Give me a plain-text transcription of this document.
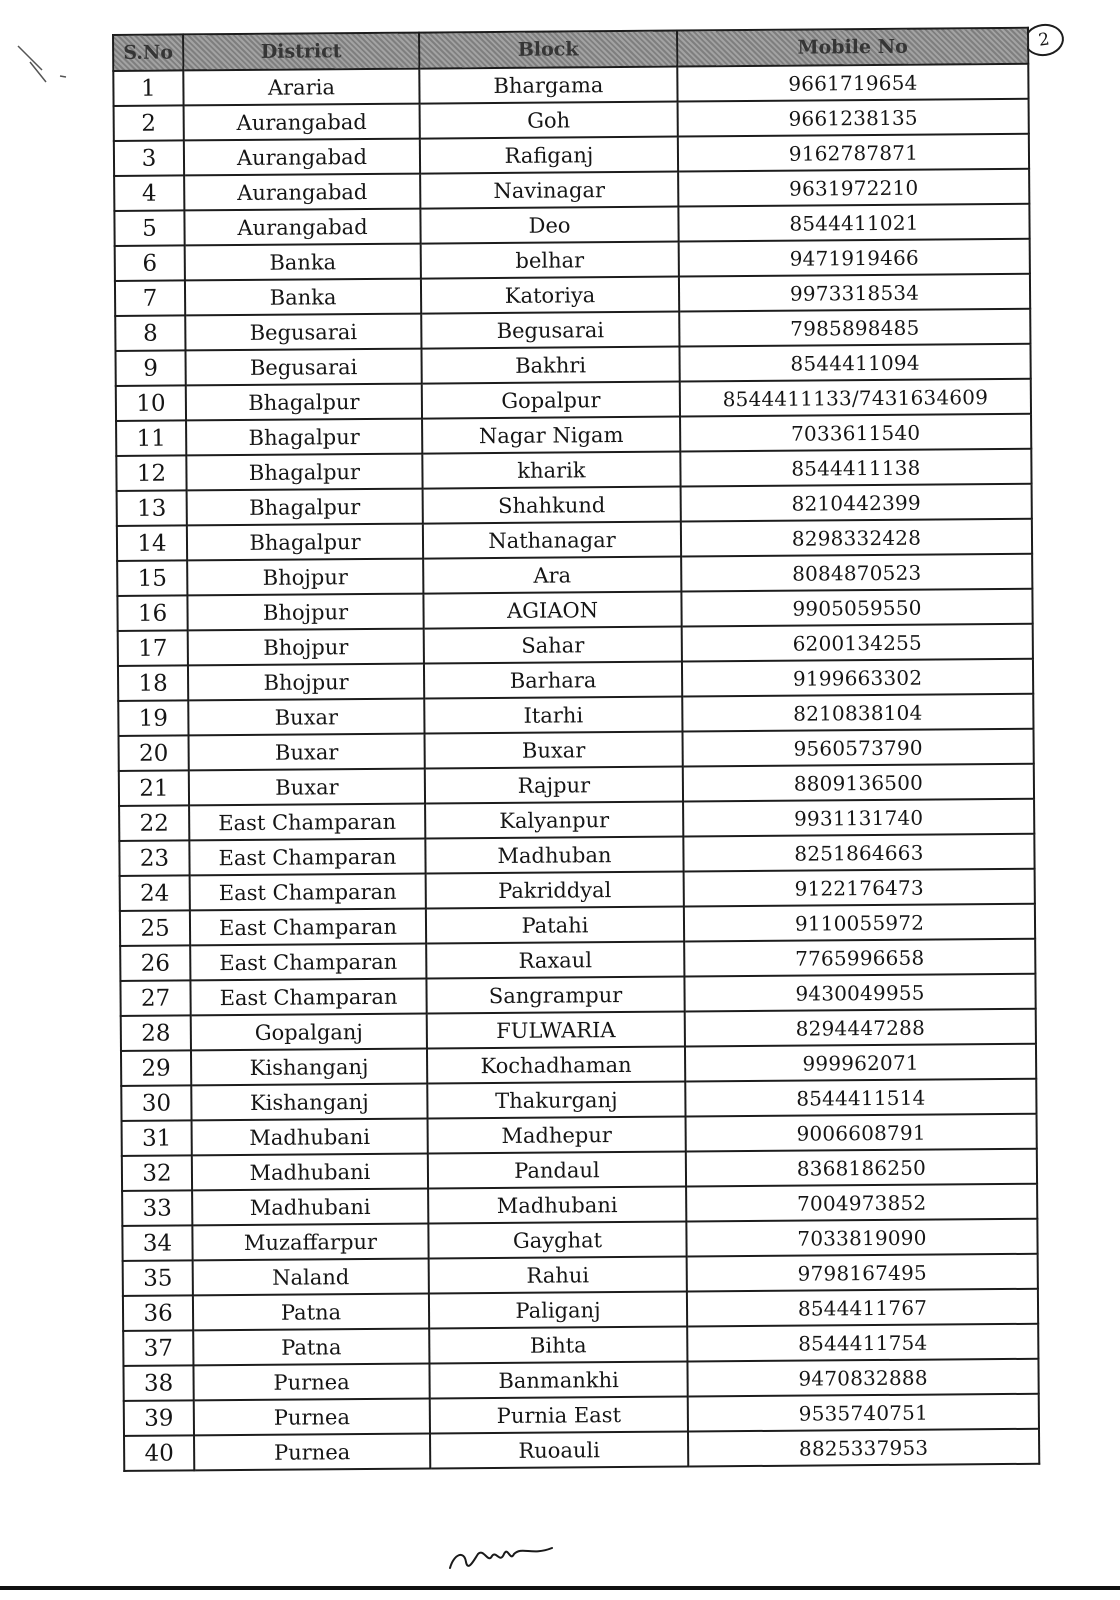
2
S.No	District	Block	Mobile No
1	Araria	Bhargama	9661719654
2	Aurangabad	Goh	9661238135
3	Aurangabad	Rafiganj	9162787871
4	Aurangabad	Navinagar	9631972210
5	Aurangabad	Deo	8544411021
6	Banka	belhar	9471919466
7	Banka	Katoriya	9973318534
8	Begusarai	Begusarai	7985898485
9	Begusarai	Bakhri	8544411094
10	Bhagalpur	Gopalpur	8544411133/7431634609
11	Bhagalpur	Nagar Nigam	7033611540
12	Bhagalpur	kharik	8544411138
13	Bhagalpur	Shahkund	8210442399
14	Bhagalpur	Nathanagar	8298332428
15	Bhojpur	Ara	8084870523
16	Bhojpur	AGIAON	9905059550
17	Bhojpur	Sahar	6200134255
18	Bhojpur	Barhara	9199663302
19	Buxar	Itarhi	8210838104
20	Buxar	Buxar	9560573790
21	Buxar	Rajpur	8809136500
22	East Champaran	Kalyanpur	9931131740
23	East Champaran	Madhuban	8251864663
24	East Champaran	Pakriddyal	9122176473
25	East Champaran	Patahi	9110055972
26	East Champaran	Raxaul	7765996658
27	East Champaran	Sangrampur	9430049955
28	Gopalganj	FULWARIA	8294447288
29	Kishanganj	Kochadhaman	999962071
30	Kishanganj	Thakurganj	8544411514
31	Madhubani	Madhepur	9006608791
32	Madhubani	Pandaul	8368186250
33	Madhubani	Madhubani	7004973852
34	Muzaffarpur	Gayghat	7033819090
35	Naland	Rahui	9798167495
36	Patna	Paliganj	8544411767
37	Patna	Bihta	8544411754
38	Purnea	Banmankhi	9470832888
39	Purnea	Purnia East	9535740751
40	Purnea	Ruoauli	8825337953
